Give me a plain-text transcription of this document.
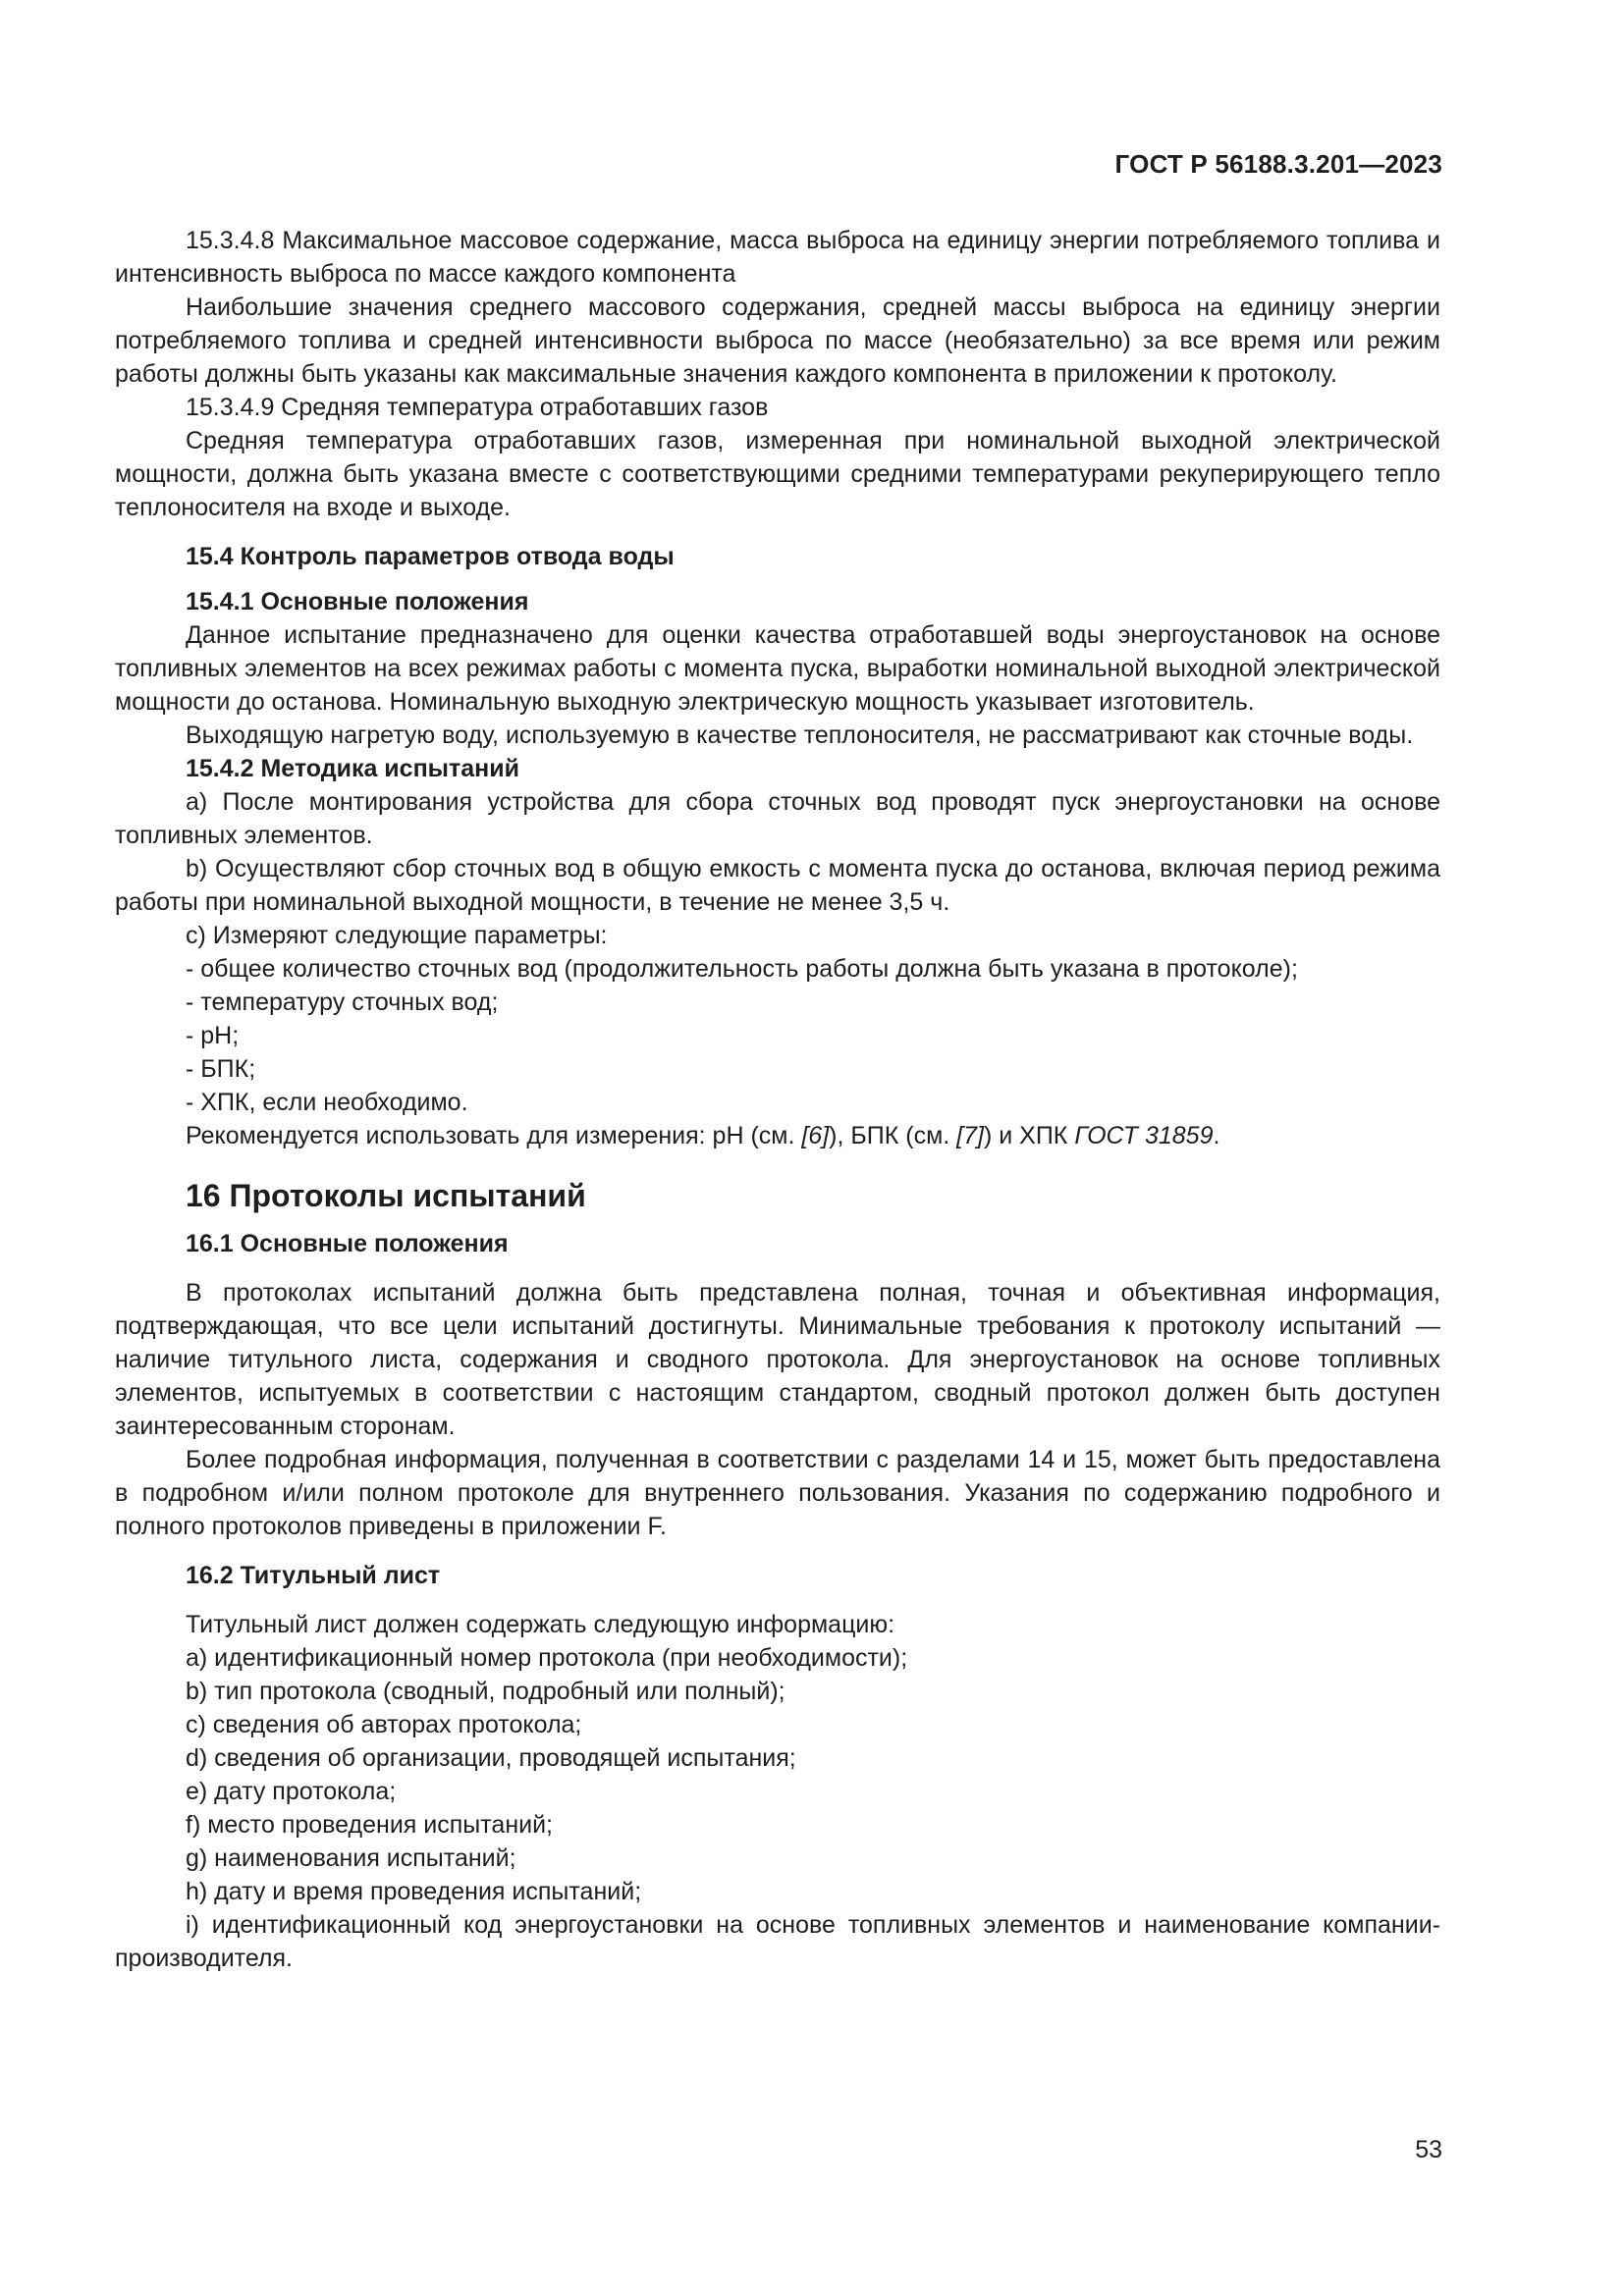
ГОСТ Р 56188.3.201—2023

15.3.4.8 Максимальное массовое содержание, масса выброса на единицу энергии потребляемого топлива и интенсивность выброса по массе каждого компонента

Наибольшие значения среднего массового содержания, средней массы выброса на единицу энергии потребляемого топлива и средней интенсивности выброса по массе (необязательно) за все время или режим работы должны быть указаны как максимальные значения каждого компонента в приложении к протоколу.

15.3.4.9 Средняя температура отработавших газов

Средняя температура отработавших газов, измеренная при номинальной выходной электрической мощности, должна быть указана вместе с соответствующими средними температурами рекуперирующего тепло теплоносителя на входе и выходе.

15.4 Контроль параметров отвода воды

15.4.1 Основные положения

Данное испытание предназначено для оценки качества отработавшей воды энергоустановок на основе топливных элементов на всех режимах работы с момента пуска, выработки номинальной выходной электрической мощности до останова. Номинальную выходную электрическую мощность указывает изготовитель.

Выходящую нагретую воду, используемую в качестве теплоносителя, не рассматривают как сточные воды.

15.4.2 Методика испытаний

a) После монтирования устройства для сбора сточных вод проводят пуск энергоустановки на основе топливных элементов.

b) Осуществляют сбор сточных вод в общую емкость с момента пуска до останова, включая период режима работы при номинальной выходной мощности, в течение не менее 3,5 ч.

c) Измеряют следующие параметры:

- общее количество сточных вод (продолжительность работы должна быть указана в протоколе);

- температуру сточных вод;

- pH;

- БПК;

- ХПК, если необходимо.

Рекомендуется использовать для измерения: pH (см. [6]), БПК (см. [7]) и ХПК ГОСТ 31859.

16 Протоколы испытаний

16.1 Основные положения

В протоколах испытаний должна быть представлена полная, точная и объективная информация, подтверждающая, что все цели испытаний достигнуты. Минимальные требования к протоколу испытаний — наличие титульного листа, содержания и сводного протокола. Для энергоустановок на основе топливных элементов, испытуемых в соответствии с настоящим стандартом, сводный протокол должен быть доступен заинтересованным сторонам.

Более подробная информация, полученная в соответствии с разделами 14 и 15, может быть предоставлена в подробном и/или полном протоколе для внутреннего пользования. Указания по содержанию подробного и полного протоколов приведены в приложении F.

16.2 Титульный лист

Титульный лист должен содержать следующую информацию:

a) идентификационный номер протокола (при необходимости);

b) тип протокола (сводный, подробный или полный);

c) сведения об авторах протокола;

d) сведения об организации, проводящей испытания;

e) дату протокола;

f) место проведения испытаний;

g) наименования испытаний;

h) дату и время проведения испытаний;

i) идентификационный код энергоустановки на основе топливных элементов и наименование компании-производителя.

53
